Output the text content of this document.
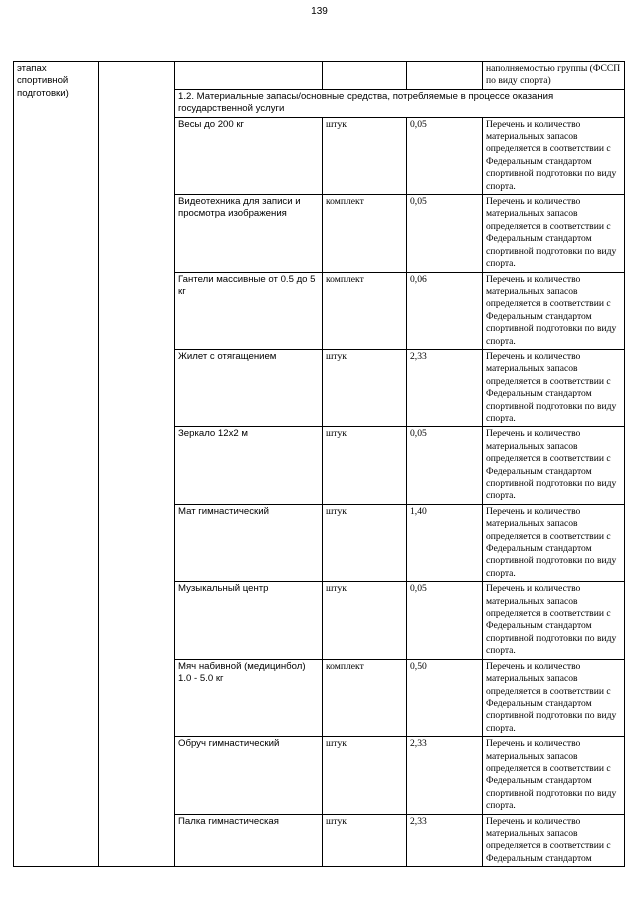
139
этапах спортивной подготовки)					наполняемостью группы (ФССП по виду спорта)
		1.2. Материальные запасы/основные средства, потребляемые в процессе оказания государственной услуги			
		Весы до 200 кг	штук	0,05	Перечень и количество материальных запасов определяется в соответствии с Федеральным стандартом спортивной подготовки по виду спорта.
		Видеотехника для записи и просмотра изображения	комплект	0,05	Перечень и количество материальных запасов определяется в соответствии с Федеральным стандартом спортивной подготовки по виду спорта.
		Гантели массивные от 0.5 до 5 кг	комплект	0,06	Перечень и количество материальных запасов определяется в соответствии с Федеральным стандартом спортивной подготовки по виду спорта.
		Жилет с отягащением	штук	2,33	Перечень и количество материальных запасов определяется в соответствии с Федеральным стандартом спортивной подготовки по виду спорта.
		Зеркало 12х2 м	штук	0,05	Перечень и количество материальных запасов определяется в соответствии с Федеральным стандартом спортивной подготовки по виду спорта.
		Мат гимнастический	штук	1,40	Перечень и количество материальных запасов определяется в соответствии с Федеральным стандартом спортивной подготовки по виду спорта.
		Музыкальный центр	штук	0,05	Перечень и количество материальных запасов определяется в соответствии с Федеральным стандартом спортивной подготовки по виду спорта.
		Мяч набивной (медицинбол) 1.0 - 5.0 кг	комплект	0,50	Перечень и количество материальных запасов определяется в соответствии с Федеральным стандартом спортивной подготовки по виду спорта.
		Обруч гимнастический	штук	2,33	Перечень и количество материальных запасов определяется в соответствии с Федеральным стандартом спортивной подготовки по виду спорта.
		Палка гимнастическая	штук	2,33	Перечень и количество материальных запасов определяется в соответствии с Федеральным стандартом
